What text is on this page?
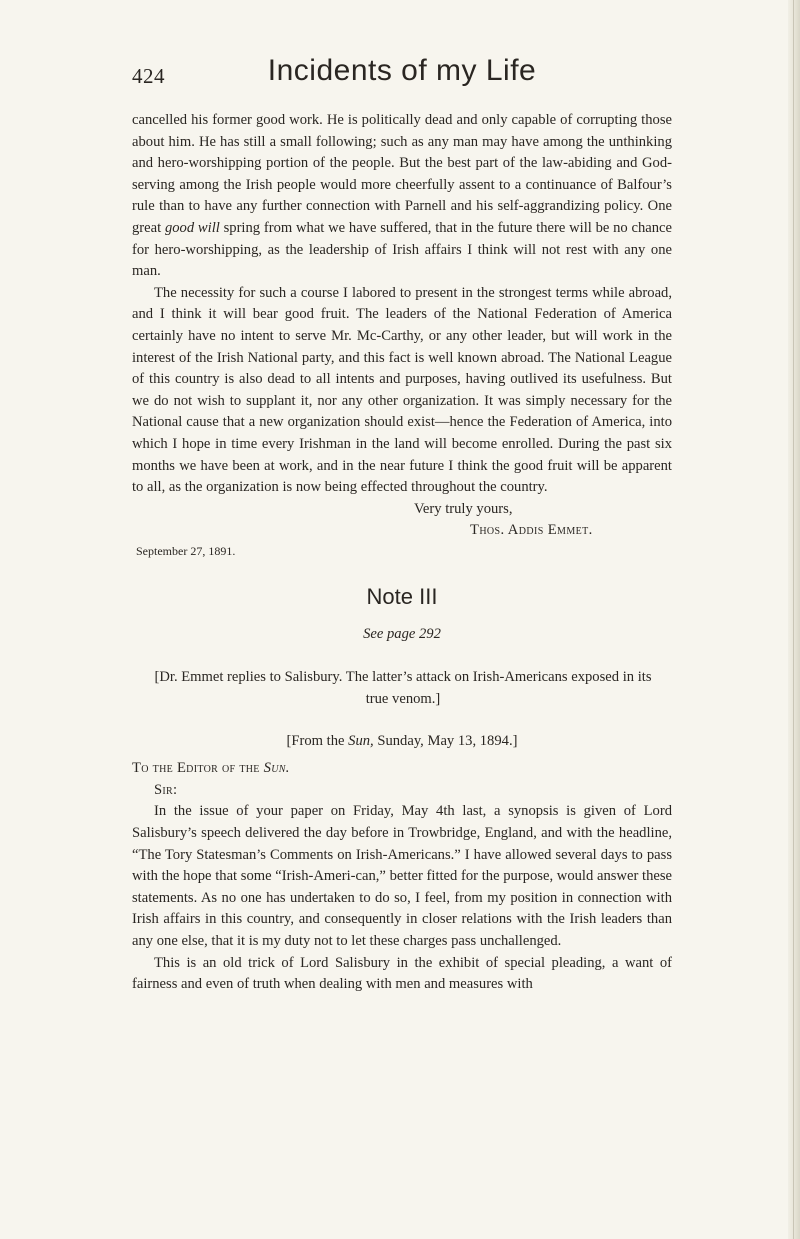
424	Incidents of my Life

cancelled his former good work. He is politically dead and only capable of corrupting those about him. He has still a small following; such as any man may have among the unthinking and hero-worshipping portion of the people. But the best part of the law-abiding and God-serving among the Irish people would more cheerfully assent to a continuance of Balfour’s rule than to have any further connection with Parnell and his self-aggrandizing policy. One great good will spring from what we have suffered, that in the future there will be no chance for hero-worshipping, as the leadership of Irish affairs I think will not rest with any one man.

The necessity for such a course I labored to present in the strongest terms while abroad, and I think it will bear good fruit. The leaders of the National Federation of America certainly have no intent to serve Mr. Mc-Carthy, or any other leader, but will work in the interest of the Irish National party, and this fact is well known abroad. The National League of this country is also dead to all intents and purposes, having outlived its usefulness. But we do not wish to supplant it, nor any other organization. It was simply necessary for the National cause that a new organization should exist—hence the Federation of America, into which I hope in time every Irishman in the land will become enrolled. During the past six months we have been at work, and in the near future I think the good fruit will be apparent to all, as the organization is now being effected throughout the country.

Very truly yours,
Thos. Addis Emmet.
September 27, 1891.
Note III
See page 292

[Dr. Emmet replies to Salisbury. The latter’s attack on Irish-Americans exposed in its true venom.]

[From the Sun, Sunday, May 13, 1894.]

To the Editor of the Sun.

Sir:

In the issue of your paper on Friday, May 4th last, a synopsis is given of Lord Salisbury’s speech delivered the day before in Trowbridge, England, and with the headline, “The Tory Statesman’s Comments on Irish-Americans.” I have allowed several days to pass with the hope that some “Irish-Ameri-can,” better fitted for the purpose, would answer these statements. As no one has undertaken to do so, I feel, from my position in connection with Irish affairs in this country, and consequently in closer relations with the Irish leaders than any one else, that it is my duty not to let these charges pass unchallenged.

This is an old trick of Lord Salisbury in the exhibit of special pleading, a want of fairness and even of truth when dealing with men and measures with
